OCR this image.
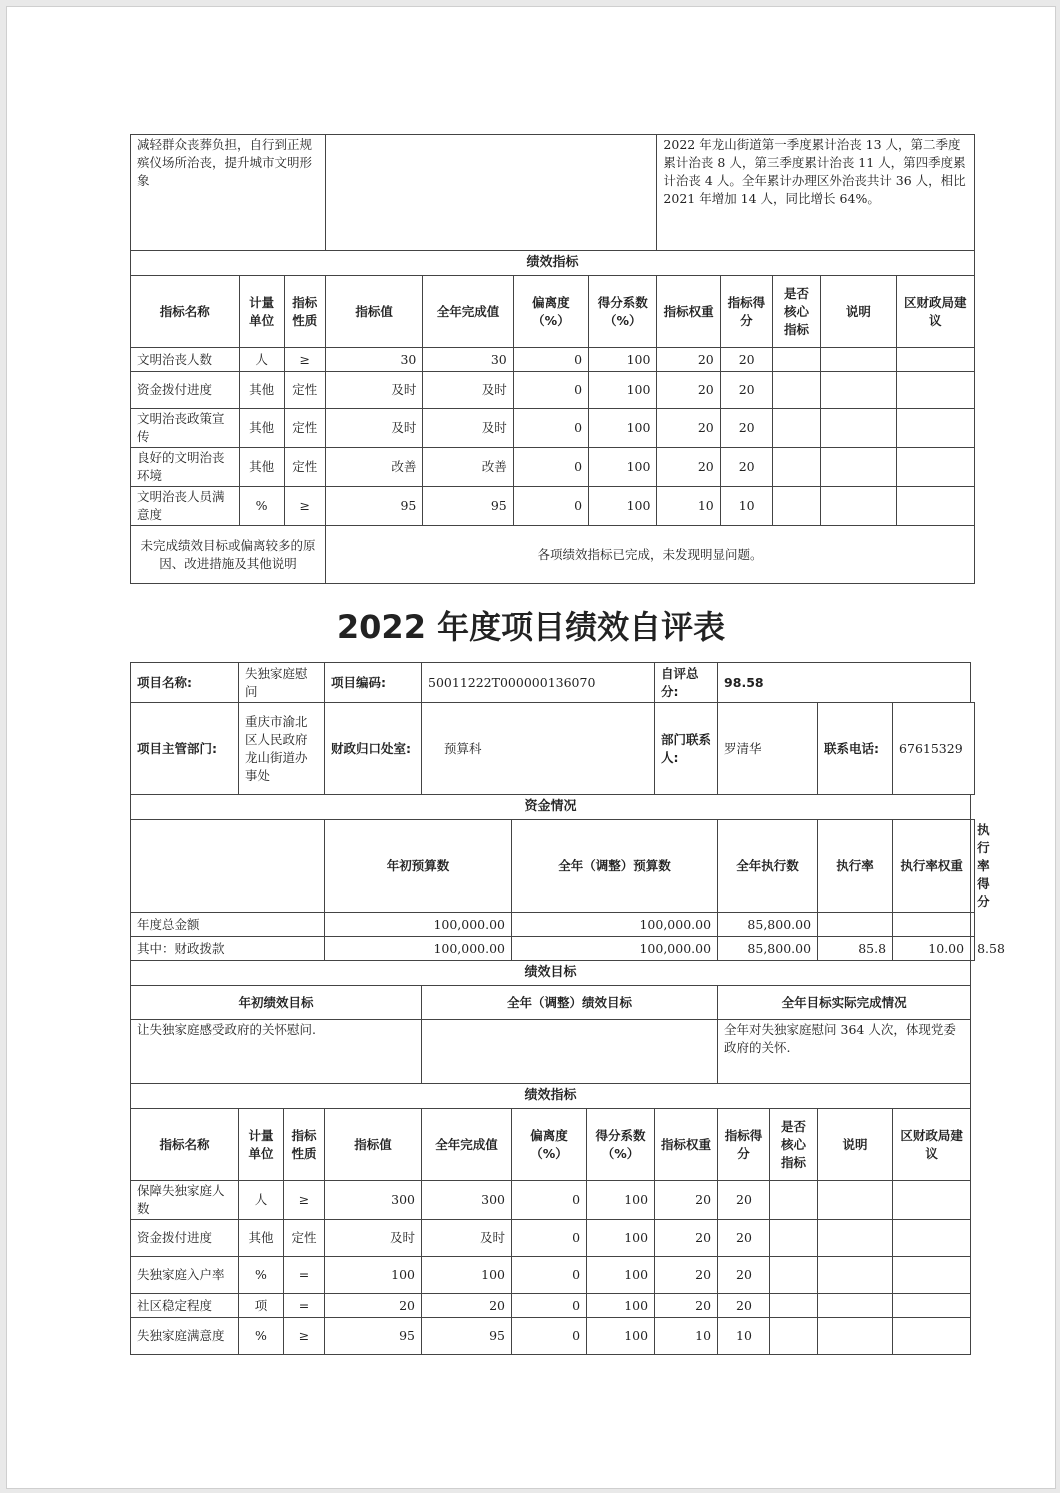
减轻群众丧葬负担，自行到正规殡仪场所治丧，提升城市文明形象							2022 年龙山街道第一季度累计治丧 13 人，第二季度累计治丧 8 人，第三季度累计治丧 11 人，第四季度累计治丧 4 人。全年累计办理区外治丧共计 36 人，相比 2021 年增加 14 人，同比增长 64%。				
绩效指标											
指标名称	计量单位	指标性质	指标值	全年完成值	偏离度（%）	得分系数（%）	指标权重	指标得分	是否核心指标	说明	区财政局建议
文明治丧人数	人	≥	30	30	0	100	20	20			
资金拨付进度	其他	定性	及时	及时	0	100	20	20			
文明治丧政策宣传	其他	定性	及时	及时	0	100	20	20			
良好的文明治丧环境	其他	定性	改善	改善	0	100	20	20			
文明治丧人员满意度	%	≥	95	95	0	100	10	10			
未完成绩效目标或偏离较多的原因、改进措施及其他说明			各项绩效指标已完成，未发现明显问题。								
2022 年度项目绩效自评表
项目名称:	失独家庭慰问		项目编码:	50011222T000000136070			自评总分:	98.58				
项目主管部门:	重庆市渝北区人民政府龙山街道办事处		财政归口处室:	预算科			部门联系人:	罗清华		联系电话:	67615329	
资金情况												
			年初预算数		全年（调整）预算数			全年执行数		执行率	执行率权重	执行率得分
年度总金额			100,000.00		100,000.00			85,800.00				
其中：财政拨款			100,000.00		100,000.00			85,800.00		85.8	10.00	8.58
绩效目标												
年初绩效目标				全年（调整）绩效目标				全年目标实际完成情况				
让失独家庭感受政府的关怀慰问.								全年对失独家庭慰问 364 人次，体现党委政府的关怀.				
绩效指标												
指标名称	计量单位	指标性质	指标值	全年完成值	偏离度（%）	得分系数（%）	指标权重	指标得分	是否核心指标	说明	区财政局建议	
保障失独家庭人数	人	≥	300	300	0	100	20	20				
资金拨付进度	其他	定性	及时	及时	0	100	20	20				
失独家庭入户率	%	=	100	100	0	100	20	20				
社区稳定程度	项	=	20	20	0	100	20	20				
失独家庭满意度	%	≥	95	95	0	100	10	10				
